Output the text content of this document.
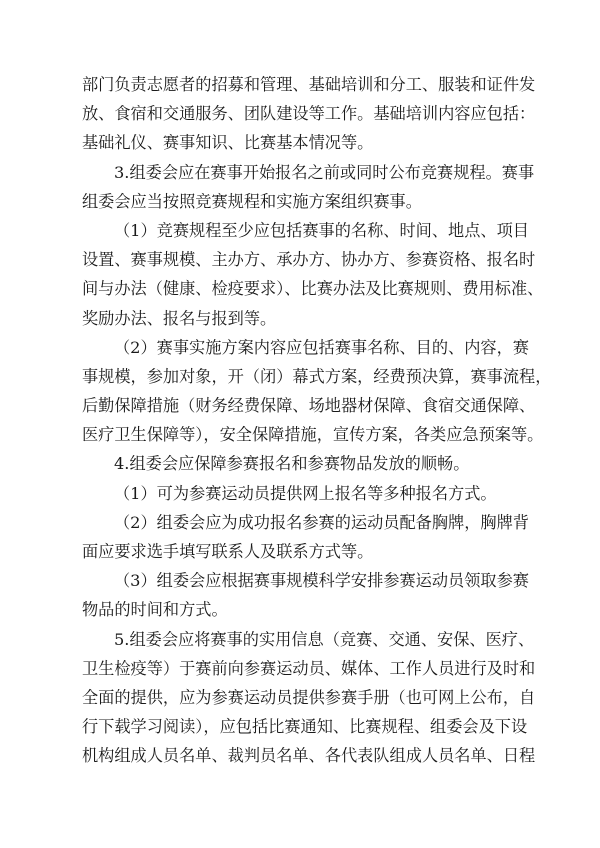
部门负责志愿者的招募和管理、基础培训和分工、服装和证件发
放、食宿和交通服务、团队建设等工作。基础培训内容应包括：
基础礼仪、赛事知识、比赛基本情况等。
3.组委会应在赛事开始报名之前或同时公布竞赛规程。赛事
组委会应当按照竞赛规程和实施方案组织赛事。
（1）竞赛规程至少应包括赛事的名称、时间、地点、项目
设置、赛事规模、主办方、承办方、协办方、参赛资格、报名时
间与办法（健康、检疫要求）、比赛办法及比赛规则、费用标准、
奖励办法、报名与报到等。
（2）赛事实施方案内容应包括赛事名称、目的、内容，赛
事规模，参加对象，开（闭）幕式方案，经费预决算，赛事流程，
后勤保障措施（财务经费保障、场地器材保障、食宿交通保障、
医疗卫生保障等），安全保障措施，宣传方案，各类应急预案等。
4.组委会应保障参赛报名和参赛物品发放的顺畅。
（1）可为参赛运动员提供网上报名等多种报名方式。
（2）组委会应为成功报名参赛的运动员配备胸牌，胸牌背
面应要求选手填写联系人及联系方式等。
（3）组委会应根据赛事规模科学安排参赛运动员领取参赛
物品的时间和方式。
5.组委会应将赛事的实用信息（竞赛、交通、安保、医疗、
卫生检疫等）于赛前向参赛运动员、媒体、工作人员进行及时和
全面的提供，应为参赛运动员提供参赛手册（也可网上公布，自
行下载学习阅读），应包括比赛通知、比赛规程、组委会及下设
机构组成人员名单、裁判员名单、各代表队组成人员名单、日程
